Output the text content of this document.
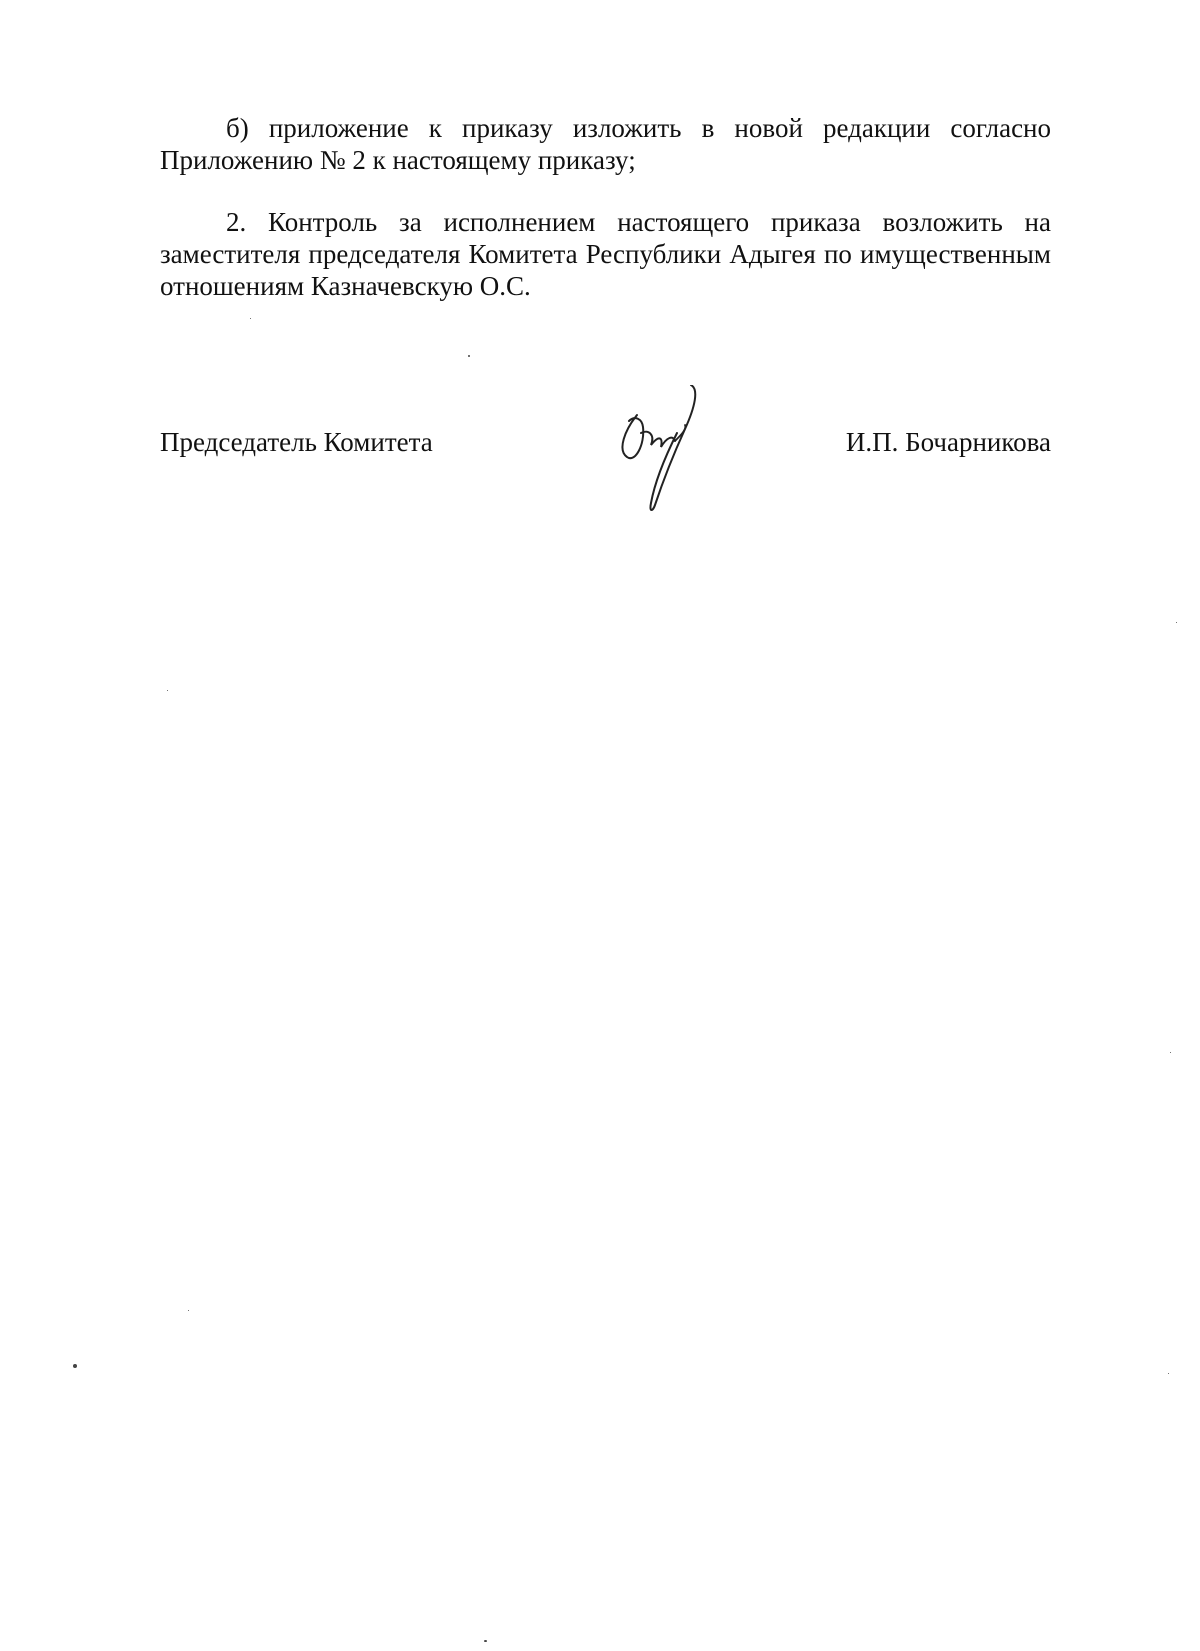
б) приложение к приказу изложить в новой редакции согласно Приложению № 2 к настоящему приказу;

2. Контроль за исполнением настоящего приказа возложить на заместителя председателя Комитета Республики Адыгея по имущественным отношениям Казначевскую О.С.

Председатель Комитета	И.П. Бочарникова
